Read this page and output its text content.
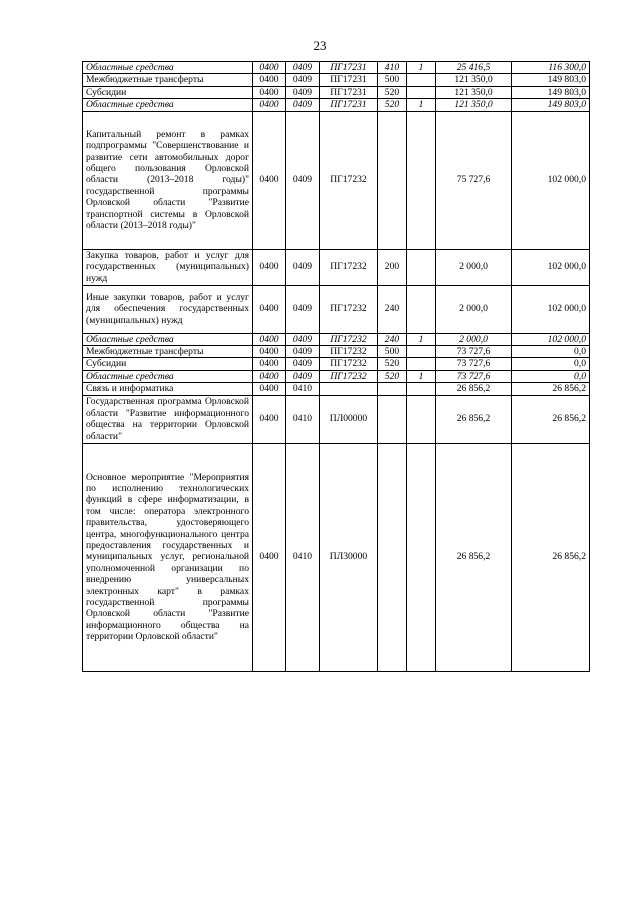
23
Областные средства	0400	0409	ПГ17231	410	1	25 416,5	116 300,0
Межбюджетные трансферты	0400	0409	ПГ17231	500		121 350,0	149 803,0
Субсидии	0400	0409	ПГ17231	520		121 350,0	149 803,0
Областные средства	0400	0409	ПГ17231	520	1	121 350,0	149 803,0
Капитальный ремонт в рамках подпрограммы "Совершенствование и развитие сети автомобильных дорог общего пользования Орловской области (2013–2018 годы)" государственной программы Орловской области "Развитие транспортной системы в Орловской области (2013–2018 годы)"	0400	0409	ПГ17232			75 727,6	102 000,0
Закупка товаров, работ и услуг для государственных (муниципальных) нужд	0400	0409	ПГ17232	200		2 000,0	102 000,0
Иные закупки товаров, работ и услуг для обеспечения государственных (муниципальных) нужд	0400	0409	ПГ17232	240		2 000,0	102 000,0
Областные средства	0400	0409	ПГ17232	240	1	2 000,0	102 000,0
Межбюджетные трансферты	0400	0409	ПГ17232	500		73 727,6	0,0
Субсидии	0400	0409	ПГ17232	520		73 727,6	0,0
Областные средства	0400	0409	ПГ17232	520	1	73 727,6	0,0
Связь и информатика	0400	0410				26 856,2	26 856,2
Государственная программа Орловской области "Развитие информационного общества на территории Орловской области"	0400	0410	ПЛ00000			26 856,2	26 856,2
Основное мероприятие "Мероприятия по исполнению технологических функций в сфере информатизации, в том числе: оператора электронного правительства, удостоверяющего центра, многофункционального центра предоставления государственных и муниципальных услуг, региональной уполномоченной организации по внедрению универсальных электронных карт" в рамках государственной программы Орловской области "Развитие информационного общества на территории Орловской области"	0400	0410	ПЛ30000			26 856,2	26 856,2
